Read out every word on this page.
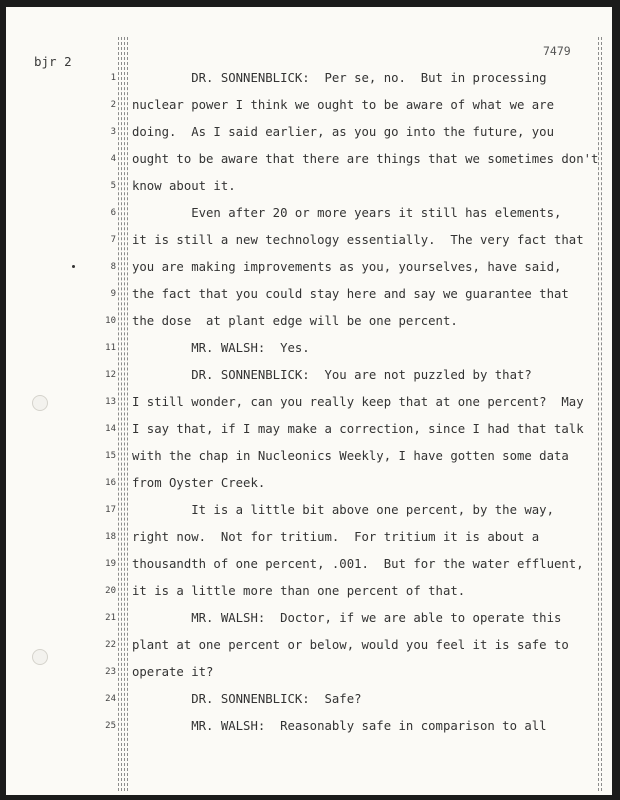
bjr 2
7479
1
2
3
4
5
6
7
8
9
10
11
12
13
14
15
16
17
18
19
20
21
22
23
24
25
DR. SONNENBLICK:  Per se, no.  But in processing
nuclear power I think we ought to be aware of what we are
doing.  As I said earlier, as you go into the future, you
ought to be aware that there are things that we sometimes don't
know about it.
Even after 20 or more years it still has elements,
it is still a new technology essentially.  The very fact that
you are making improvements as you, yourselves, have said,
the fact that you could stay here and say we guarantee that
the dose  at plant edge will be one percent.
MR. WALSH:  Yes.
DR. SONNENBLICK:  You are not puzzled by that?
I still wonder, can you really keep that at one percent?  May
I say that, if I may make a correction, since I had that talk
with the chap in Nucleonics Weekly, I have gotten some data
from Oyster Creek.
It is a little bit above one percent, by the way,
right now.  Not for tritium.  For tritium it is about a
thousandth of one percent, .001.  But for the water effluent,
it is a little more than one percent of that.
MR. WALSH:  Doctor, if we are able to operate this
plant at one percent or below, would you feel it is safe to
operate it?
DR. SONNENBLICK:  Safe?
MR. WALSH:  Reasonably safe in comparison to all
